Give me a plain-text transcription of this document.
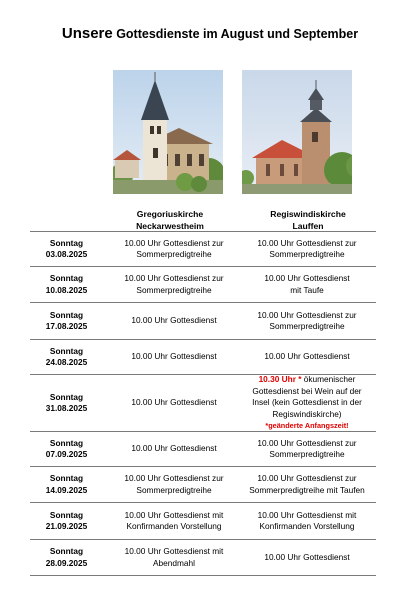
Unsere Gottesdienste im August und September
Gregoriuskirche
Neckarwestheim
Regiswindiskirche
Lauffen
Sonntag
03.08.2025
10.00 Uhr Gottesdienst zur
Sommerpredigtreihe
10.00 Uhr Gottesdienst zur
Sommerpredigtreihe
Sonntag
10.08.2025
10.00 Uhr Gottesdienst zur
Sommerpredigtreihe
10.00 Uhr Gottesdienst
mit Taufe
Sonntag
17.08.2025
10.00 Uhr Gottesdienst
10.00 Uhr Gottesdienst zur
Sommerpredigtreihe
Sonntag
24.08.2025
10.00 Uhr Gottesdienst	10.00 Uhr Gottesdienst
Sonntag
31.08.2025
10.00 Uhr Gottesdienst
10.30 Uhr * ökumenischer
Gottesdienst bei Wein auf der
Insel (kein Gottesdienst in der
Regiswindiskirche)
*geänderte Anfangszeit!
Sonntag
07.09.2025
10.00 Uhr Gottesdienst
10.00 Uhr Gottesdienst zur
Sommerpredigtreihe
Sonntag
14.09.2025
10.00 Uhr Gottesdienst zur
Sommerpredigtreihe
10.00 Uhr Gottesdienst zur
Sommerpredigtreihe mit Taufen
Sonntag
21.09.2025
10.00 Uhr Gottesdienst mit
Konfirmanden Vorstellung
10.00 Uhr Gottesdienst mit
Konfirmanden Vorstellung
Sonntag
28.09.2025
10.00 Uhr Gottesdienst mit
Abendmahl
10.00 Uhr Gottesdienst
